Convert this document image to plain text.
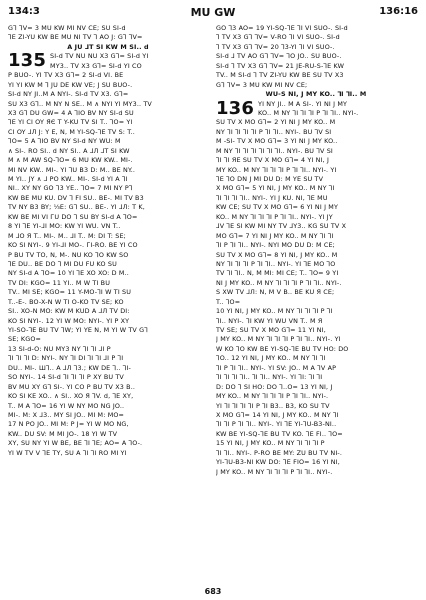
134:3	MU GW	136:16
G⅂ ⅂V= 3 MU KW MI NV CE; SU SI-d
⅂E ZI-YU KW BE MU NI TV ⅂ AO J: G⅂ ⅂V=
A JU ⅃T SI KW M SI.. d
135 SI-d TV NU NU X3 G⅂= SI-d YI
MY3.. TV X3 G⅂= SI-d YI CO
P BUO-. YI TV X3 G⅂= 2 SI-d VI. BE
YI YI KW M ⅂ JU DE KW VE; J SU BUO-.
SI-d NY JI..M A NYI-. SI-d TV X3. G⅂=
SU X3 G⅂.. M NY N SE.. M ∧ NYI YI MY3.. TV
X3 G⅂ DU GW= 4 A ⅂IO BV NY SI-d SU
⅂E YI CI OY ЯЄ T Y-KU TV SI T.. ⅂O= YI
CI OY ⅃Л J: Y E, N, M YI-SQ-⅂E TV S: T..
⅂O= 5 A ⅂IO BV NY SI-d NY WU: M
∧ SI-. RO SI.. d NY SI.. A ⅃Л ⅃T SI KW
M ∧ M AW SQ-⅂O= 6 MU KW KW.. MI-.
MI NV KW.. MI-. YI ⅂U B3 D: M.. BE NY..
M YI.. JY ∧ ⅃ PO KW.. MI-. SI-d YI A ⅂I
NI.. XY NY GO ⅂3 YE.. ⅂O= 7 MI NY P⅂
KW BE MU KU. DV ⅂ FI SU.. BE-. MI TV B3
TV NY B3 BY; ⅓E: G⅂ SU.. BE-. YI ⅃Л: T K,
KW BE MI VI ГU DO ⅂ SU BY SI-d A ⅂O=
8 YI ⅂E YI-⅃I MO: KW YI WU. VN T..
M ⅃O Я T.. MI-. M.. ⅃I T.. M: DI T: SE;
KO SI NYI-. 9 YI-⅃I MO-. ГI-RO. BE YI CO
P BU TV TO, N, M-. NU KO ⅂O KW SO
⅂E DU.. BE DO ⅂ MI DU FU KO SU
NY SI-d A ⅂O= 10 YI ⅂E XO XO: D M..
TV DI: KGO= 11 YI.. M W TI BU
TV.. MI SE; KGO= 11 Y-MO-⅂I W TI SU
T..-E-. BO-X-N W TI O-KO TV SE; KO
SI.. XO-N MO: KW M KUD A ⅃Л TV DI:
KO SI NYI-. 12 YI W MO: NYI-. YI P XY
YI-SO-⅂E BU TV ⅂W; YI YE N, M YI W TV G⅂
SE; KGO=
13 SI-d-O: NU MY3 NY ⅂I ⅂I ⅃I P
⅂I ⅂I ⅂I D: NYI-. NY ⅂I DI ⅂I ⅂I ⅃I P ⅂I
DU.. MI-. Ш⅂.. A ⅃Л ⅂3.; KW DE ⅂.. ⅂I-
SO NYI-. 14 SI-d ⅂I ⅂I ⅂I P XY BU TV
BV MU XY G⅂ SI-. YI CO P BU TV X3 B..
KO SI KE XO.. ∧ SI.. XO Я ⅂V. d, ⅂E XY,
T.. M A ⅂O= 16 YI W NY MO NG JO..
MI-. M: X ⅃3.. MY SI JO.. MI M: MO=
17 N PO JO.. MI M: P J= YI W MO NG,
KW.. DU SV: M MI JO-. 18 YI W TV
XY, SU NY YI W BE, BE ⅂I ⅂E; AO= A ⅂O-.
YI W TV V ⅂E TY, SU A ⅂I ⅂I RO MI YI
GO ⅂3 AO= 19 YI-SQ-⅂E ⅂I VI SUO-. SI-d
⅂ TV X3 G⅂ ⅂V= V-RO ⅂I VI SUO-. SI-d
⅂ TV X3 G⅂ ⅂V= 20 ⅂3-YI ⅂I VI SUO-.
SI-d ⅃ TV AO G⅂ ⅂V= ⅂O JO.. SU BUO-.
SI-d ⅂ TV X3 G⅂ ⅂V= 21 JE-RU-S-⅂E KW
TV.. M SI-d ⅂ TV ZI-YU KW BE SU TV X3
G⅂ ⅂V= 3 MU KW MI NV CE;
WU-S NI, J MY KO.. ⅂I ⅂I.. M
136 YI NY JI.. M A SI-. YI NI J MY
KO.. M NY ⅂I ⅂I ⅂I P ⅂I ⅂I.. NYI-.
SU TV X MO G⅂= 2 YI NI J MY KO.. M
NY ⅂I ⅂I ⅂I ⅂I P ⅂I ⅂I.. NYI-. BU ⅂V SI
M -SI- TV X MO G⅂= 3 YI NI J MY KO..
M NY ⅂I ⅂I ⅂I ⅂I ⅂I ⅂I.. NYI-. BU ⅂V SI
⅂I ⅂I ЯE SU TV X MO G⅂= 4 YI NI, J
MY KO.. M NY ⅂I ⅂I ⅂I P ⅂I ⅂I.. NYI-. YI
⅂E ⅂O DN J MI DU D: M YE SU TV
X MO G⅂= 5 YI NI, J MY KO.. M NY ⅂I
⅂I ⅂I ⅂I ⅂I.. NYI-. YI J KU. NI, ⅂E MU
KW CE; SU TV X MO G⅂= 6 YI NI J MY
KO.. M NY ⅂I ⅂I ⅂I P ⅂I ⅂I.. NYI-. YI JY
⅃V ⅂E SI KW MI NY TV ⅃Y3.. KG SU TV X
MO G⅂= 7 YI NI J MY KO.. M NY ⅂I ⅂I
⅂I P ⅂I ⅂I.. NYI-. NYI MO DU D: M CE;
SU TV X MO G⅂= 8 YI NI, J MY KO.. M
NY ⅂I ⅂I ⅂I P ⅂I ⅂I.. NYI-. YI ⅂E MO ⅂O
TV ⅂I ⅂I.. N, M MI: MI CE; T.. ⅂O= 9 YI
NI J MY KO.. M NY ⅂I ⅂I ⅂I P ⅂I ⅂I.. NYI-.
S XW TV ⅃Л: N, M V B.. BE KU Я CE;
T.. ⅂O=
10 YI NI, J MY KO.. M NY ⅂I ⅂I ⅂I P ⅂I
⅂I.. NYI-. ⅂I KW YI WU VN T.. M Я
TV SE; SU TV X MO G⅂= 11 YI NI,
J MY KO.. M NY ⅂I ⅂I ⅂I P ⅂I ⅂I.. NYI-. YI
W KO ⅂O KW BE YI-SQ-⅂E BU TV HO: DO
⅂O.. 12 YI NI, J MY KO.. M NY ⅂I ⅂I
⅂I P ⅂I ⅂I.. NYI-. YI SV: JO.. M A ⅂V AP
⅂I ⅂I ⅂I ⅂I.. ⅂I ⅂I.. NYI-. YI ⅂I: ⅂I ⅂I
D: DO ⅂ SI HO: DO ⅂..O= 13 YI NI, J
MY KO.. M NY ⅂I ⅂I ⅂I P ⅂I ⅂I.. NYI-.
YI ⅂I ⅂I ⅂I ⅂I P ⅂I B3.. B3, KO SU TV
X MO G⅂= 14 YI NI, J MY KO.. M NY ⅂I
⅂I ⅂I P ⅂I ⅂I.. NYI-. YI ⅂E YI-⅂U-B3-NI..
KW BE YI-SQ-⅂E BU TV KO. ⅂E FI.. ⅂O=
15 YI NI, J MY KO.. M NY ⅂I ⅂I ⅂I P
⅂I ⅂I.. NYI-. P-RO BE MY: ZU BU TV NI-.
YI-⅂U-B3-NI KW DO: ⅂E FIO= 16 YI NI,
J MY KO.. M NY ⅂I ⅂I ⅂I P ⅂I ⅂I.. NYI-.
683
